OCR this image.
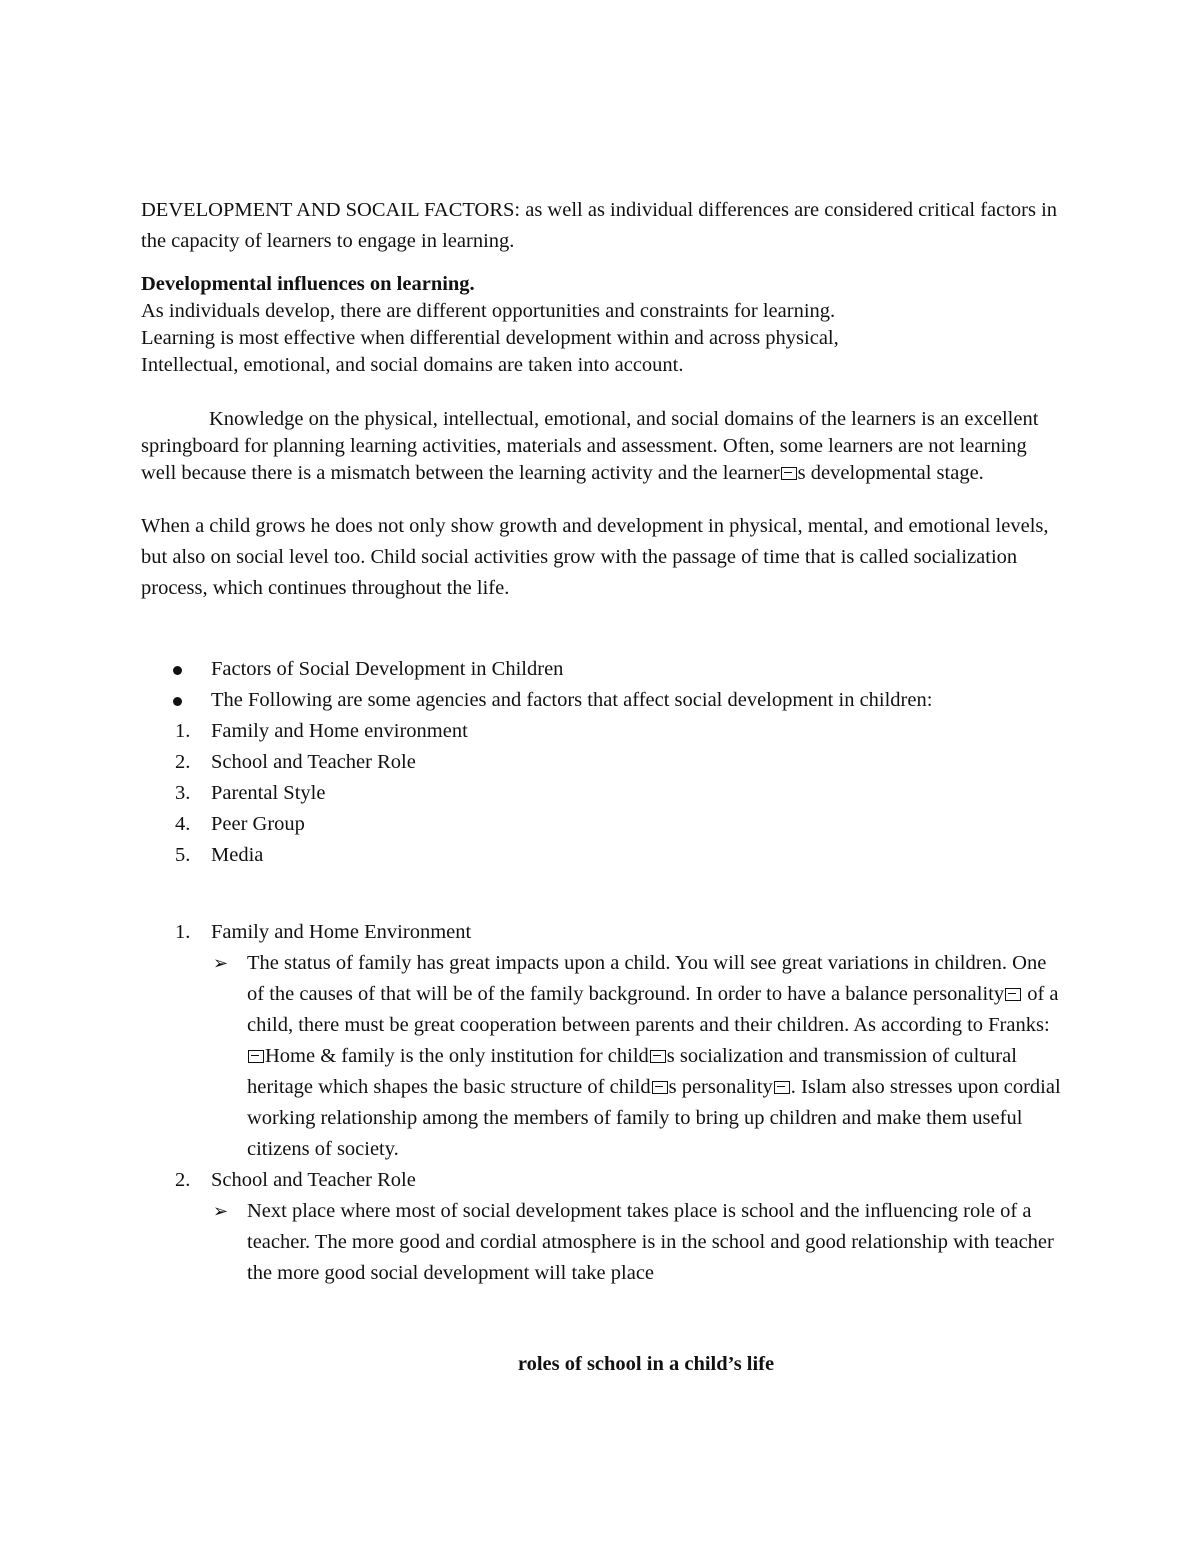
DEVELOPMENT AND SOCAIL FACTORS: as well as individual differences are considered critical factors in the capacity of learners to engage in learning.

Developmental influences on learning.

As individuals develop, there are different opportunities and constraints for learning.

Learning is most effective when differential development within and across physical,

Intellectual, emotional, and social domains are taken into account.

Knowledge on the physical, intellectual, emotional, and social domains of the learners is an excellent springboard for planning learning activities, materials and assessment. Often, some learners are not learning well because there is a mismatch between the learning activity and the learner s developmental stage.

When a child grows he does not only show growth and development in physical, mental, and emotional levels, but also on social level too. Child social activities grow with the passage of time that is called socialization process, which continues throughout the life.

Factors of Social Development in Children
The Following are some agencies and factors that affect social development in children:
1. Family and Home environment
2. School and Teacher Role
3. Parental Style
4. Peer Group
5. Media
1. Family and Home Environment
➢ The status of family has great impacts upon a child. You will see great variations in children. One of the causes of that will be of the family background. In order to have a balance personality of a child, there must be great cooperation between parents and their children. As according to Franks: Home & family is the only institution for child s socialization and transmission of cultural heritage which shapes the basic structure of child s personality . Islam also stresses upon cordial working relationship among the members of family to bring up children and make them useful citizens of society.
2. School and Teacher Role
➢ Next place where most of social development takes place is school and the influencing role of a teacher. The more good and cordial atmosphere is in the school and good relationship with teacher the more good social development will take place
roles of school in a child’s life
